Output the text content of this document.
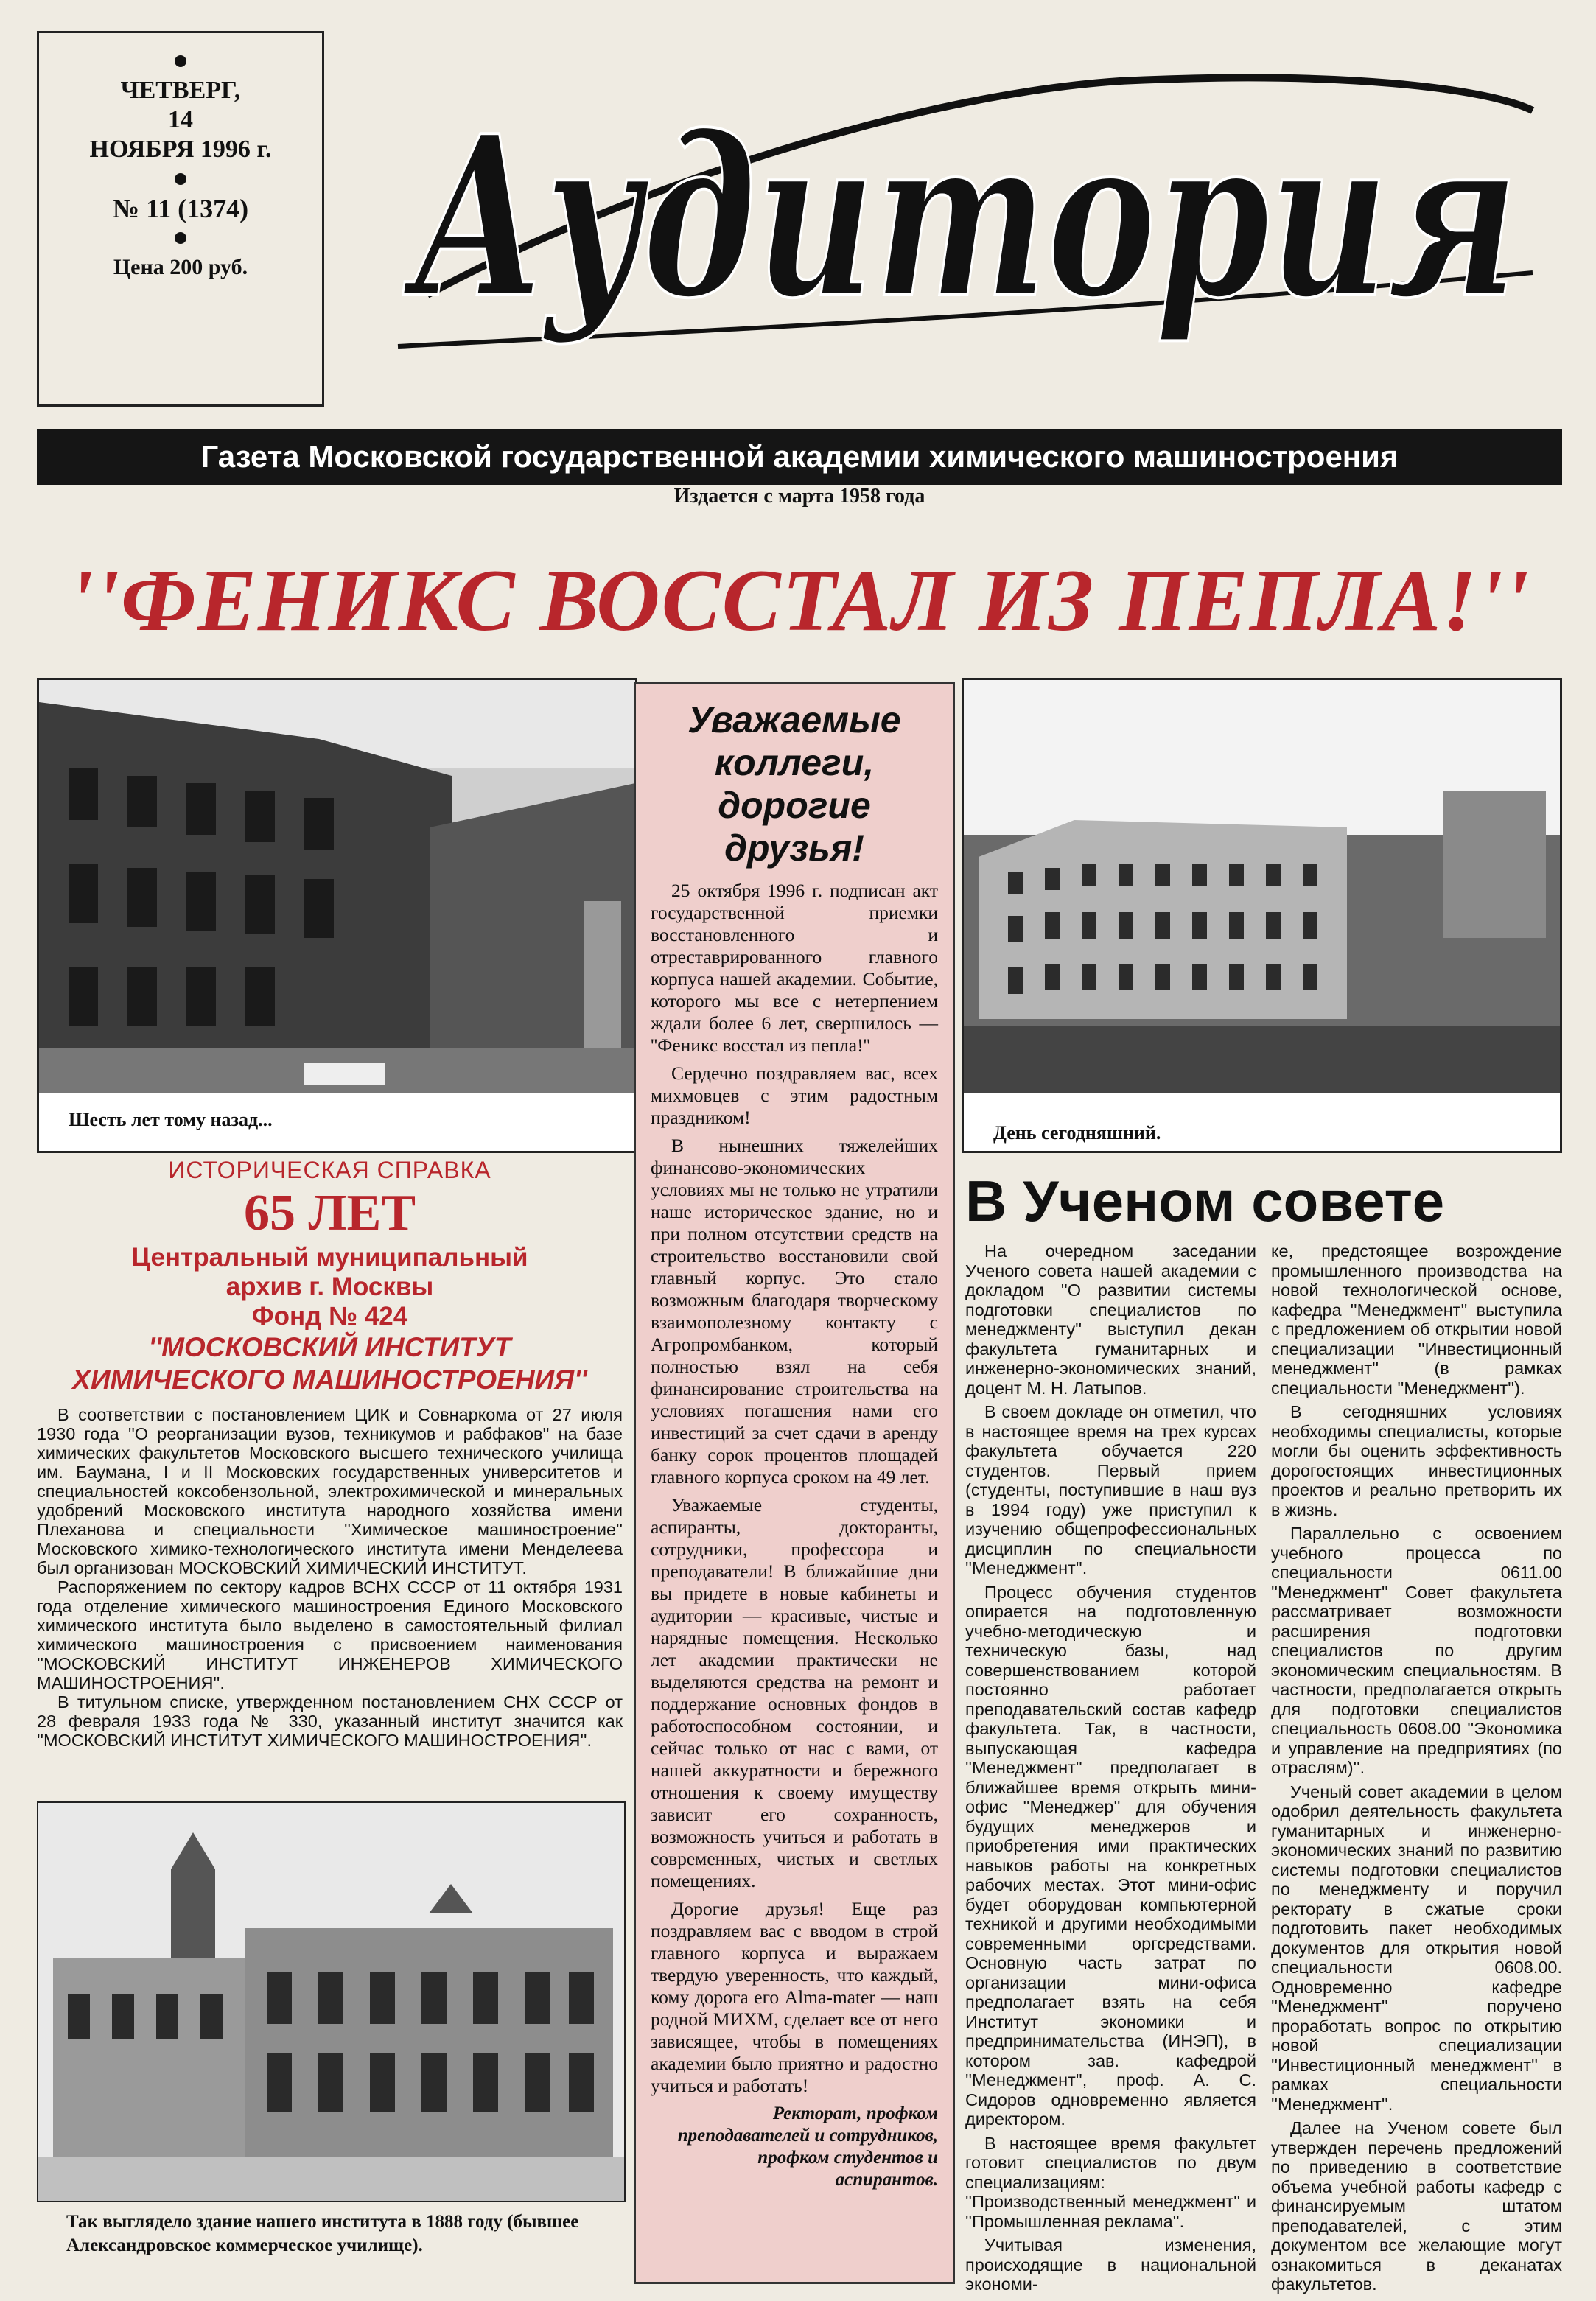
ЧЕТВЕРГ,
14
НОЯБРЯ 1996 г.
№ 11 (1374)
Цена 200 руб. Аудитория
Газета Московской государственной академии химического машиностроения
Издается с марта 1958 года
''ФЕНИКС ВОССТАЛ ИЗ ПЕПЛА!''
Шесть лет тому назад...
День сегодняшний.
Уважаемые коллеги, дорогие друзья!

25 октября 1996 г. подписан акт государственной приемки восстановленного и отреставрированного главного корпуса нашей академии. Событие, которого мы все с нетерпением ждали более 6 лет, свершилось — ''Феникс восстал из пепла!''

Сердечно поздравляем вас, всех михмовцев с этим радостным праздником!

В нынешних тяжелейших финансово-экономических условиях мы не только не утратили наше историческое здание, но и при полном отсутствии средств на строительство восстановили свой главный корпус. Это стало возможным благодаря творческому взаимополезному контакту с Агропромбанком, который полностью взял на себя финансирование строительства на условиях погашения нами его инвестиций за счет сдачи в аренду банку сорок процентов площадей главного корпуса сроком на 49 лет.

Уважаемые студенты, аспиранты, докторанты, сотрудники, профессора и преподаватели! В ближайшие дни вы придете в новые кабинеты и аудитории — красивые, чистые и нарядные помещения. Несколько лет академии практически не выделяются средства на ремонт и поддержание основных фондов в работоспособном состоянии, и сейчас только от нас с вами, от нашей аккуратности и бережного отношения к своему имуществу зависит его сохранность, возможность учиться и работать в современных, чистых и светлых помещениях.

Дорогие друзья! Еще раз поздравляем вас с вводом в строй главного корпуса и выражаем твердую уверенность, что каждый, кому дорога его Alma-mater — наш родной МИХМ, сделает все от него зависящее, чтобы в помещениях академии было приятно и радостно учиться и работать!

Ректорат, профком преподавателей и сотрудников, профком студентов и аспирантов.

ИСТОРИЧЕСКАЯ СПРАВКА
65 ЛЕТ
Центральный муниципальный
архив г. Москвы
Фонд № 424
''МОСКОВСКИЙ ИНСТИТУТ
ХИМИЧЕСКОГО МАШИНОСТРОЕНИЯ''

В соответствии с постановлением ЦИК и Совнаркома от 27 июля 1930 года ''О реорганизации вузов, техникумов и рабфаков'' на базе химических факультетов Московского высшего технического училища им. Баумана, I и II Московских государственных университетов и специальностей коксобензольной, электрохимической и минеральных удобрений Московского института народного хозяйства имени Плеханова и специальности ''Химическое машиностроение'' Московского химико-технологического института имени Менделеева был организован МОСКОВСКИЙ ХИМИЧЕСКИЙ ИНСТИТУТ.

Распоряжением по сектору кадров ВСНХ СССР от 11 октября 1931 года отделение химического машиностроения Единого Московского химического института было выделено в самостоятельный филиал химического машиностроения с присвоением наименования ''МОСКОВСКИЙ ИНСТИТУТ ИНЖЕНЕРОВ ХИМИЧЕСКОГО МАШИНОСТРОЕНИЯ''.

В титульном списке, утвержденном постановлением СНХ СССР от 28 февраля 1933 года № 330, указанный институт значится как ''МОСКОВСКИЙ ИНСТИТУТ ХИМИЧЕСКОГО МАШИНОСТРОЕНИЯ''.

Так выглядело здание нашего института в 1888 году (бывшее Александровское коммерческое училище).
В Ученом совете

На очередном заседании Ученого совета нашей академии с докладом ''О развитии системы подготовки специалистов по менеджменту'' выступил декан факультета гуманитарных и инженерно-экономических знаний, доцент М. Н. Латыпов.

В своем докладе он отметил, что в настоящее время на трех курсах факультета обучается 220 студентов. Первый прием (студенты, поступившие в наш вуз в 1994 году) уже приступил к изучению общепрофессиональных дисциплин по специальности ''Менеджмент''.

Процесс обучения студентов опирается на подготовленную учебно-методическую и техническую базы, над совершенствованием которой постоянно работает преподавательский состав кафедр факультета. Так, в частности, выпускающая кафедра ''Менеджмент'' предполагает в ближайшее время открыть мини-офис ''Менеджер'' для обучения будущих менеджеров и приобретения ими практических навыков работы на конкретных рабочих местах. Этот мини-офис будет оборудован компьютерной техникой и другими необходимыми современными оргсредствами. Основную часть затрат по организации мини-офиса предполагает взять на себя Институт экономики и предпринимательства (ИНЭП), в котором зав. кафедрой ''Менеджмент'', проф. А. С. Сидоров одновременно является директором.

В настоящее время факультет готовит специалистов по двум специализациям: ''Производственный менеджмент'' и ''Промышленная реклама''.

Учитывая изменения, происходящие в национальной экономи-

ке, предстоящее возрождение промышленного производства на новой технологической основе, кафедра ''Менеджмент'' выступила с предложением об открытии новой специализации ''Инвестиционный менеджмент'' (в рамках специальности ''Менеджмент'').

В сегодняшних условиях необходимы специалисты, которые могли бы оценить эффективность дорогостоящих инвестиционных проектов и реально претворить их в жизнь.

Параллельно с освоением учебного процесса по специальности 0611.00 ''Менеджмент'' Совет факультета рассматривает возможности расширения подготовки специалистов по другим экономическим специальностям. В частности, предполагается открыть для подготовки специалистов специальность 0608.00 ''Экономика и управление на предприятиях (по отраслям)''.

Ученый совет академии в целом одобрил деятельность факультета гуманитарных и инженерно-экономических знаний по развитию системы подготовки специалистов по менеджменту и поручил ректорату в сжатые сроки подготовить пакет необходимых документов для открытия новой специальности 0608.00. Одновременно кафедре ''Менеджмент'' поручено проработать вопрос по открытию новой специализации ''Инвестиционный менеджмент'' в рамках специальности ''Менеджмент''.

Далее на Ученом совете был утвержден перечень предложений по приведению в соответствие объема учебной работы кафедр с финансируемым штатом преподавателей, с этим документом все желающие могут ознакомиться в деканатах факультетов.
